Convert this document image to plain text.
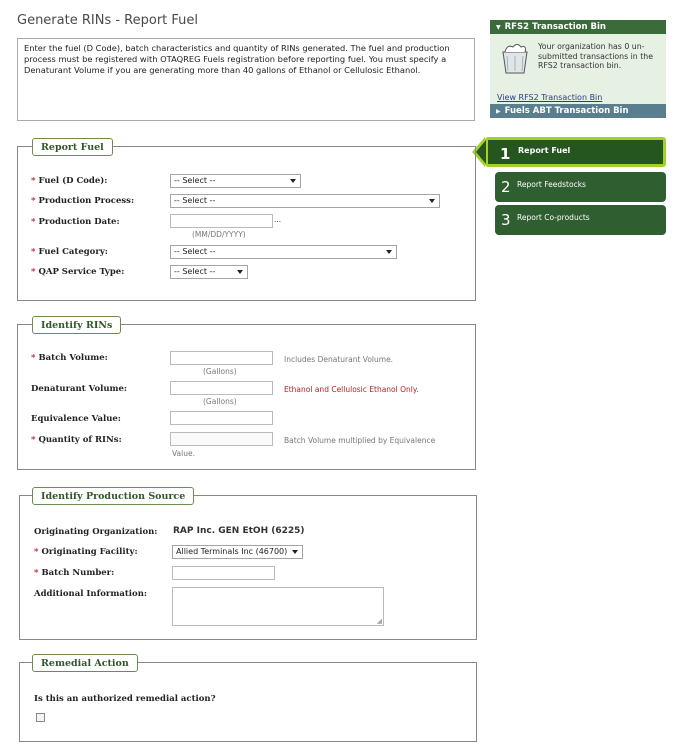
Generate RINs - Report Fuel
Enter the fuel (D Code), batch characteristics and quantity of RINs generated. The fuel and production process must be registered with OTAQREG Fuels registration before reporting fuel. You must specify a Denaturant Volume if you are generating more than 40 gallons of Ethanol or Cellulosic Ethanol.
Report Fuel
* Fuel (D Code):	-- Select --
* Production Process:	-- Select --
* Production Date:	...
(MM/DD/YYYY)
* Fuel Category:	-- Select --
* QAP Service Type:	-- Select --
Identify RINs
* Batch Volume:	Includes Denaturant Volume.
(Gallons)
Denaturant Volume:	Ethanol and Cellulosic Ethanol Only.
(Gallons)
Equivalence Value:
* Quantity of RINs:	Batch Volume multiplied by Equivalence
Value.
Identify Production Source
Originating Organization: RAP Inc. GEN EtOH (6225)
* Originating Facility:	Allied Terminals Inc (46700)
* Batch Number:
Additional Information:
◢
Remedial Action
Is this an authorized remedial action?
▼ RFS2 Transaction Bin
Your organization has 0 un-submitted transactions in the RFS2 transaction bin.
View RFS2 Transaction Bin
▶ Fuels ABT Transaction Bin
1 Report Fuel
2 Report Feedstocks
3 Report Co-products
